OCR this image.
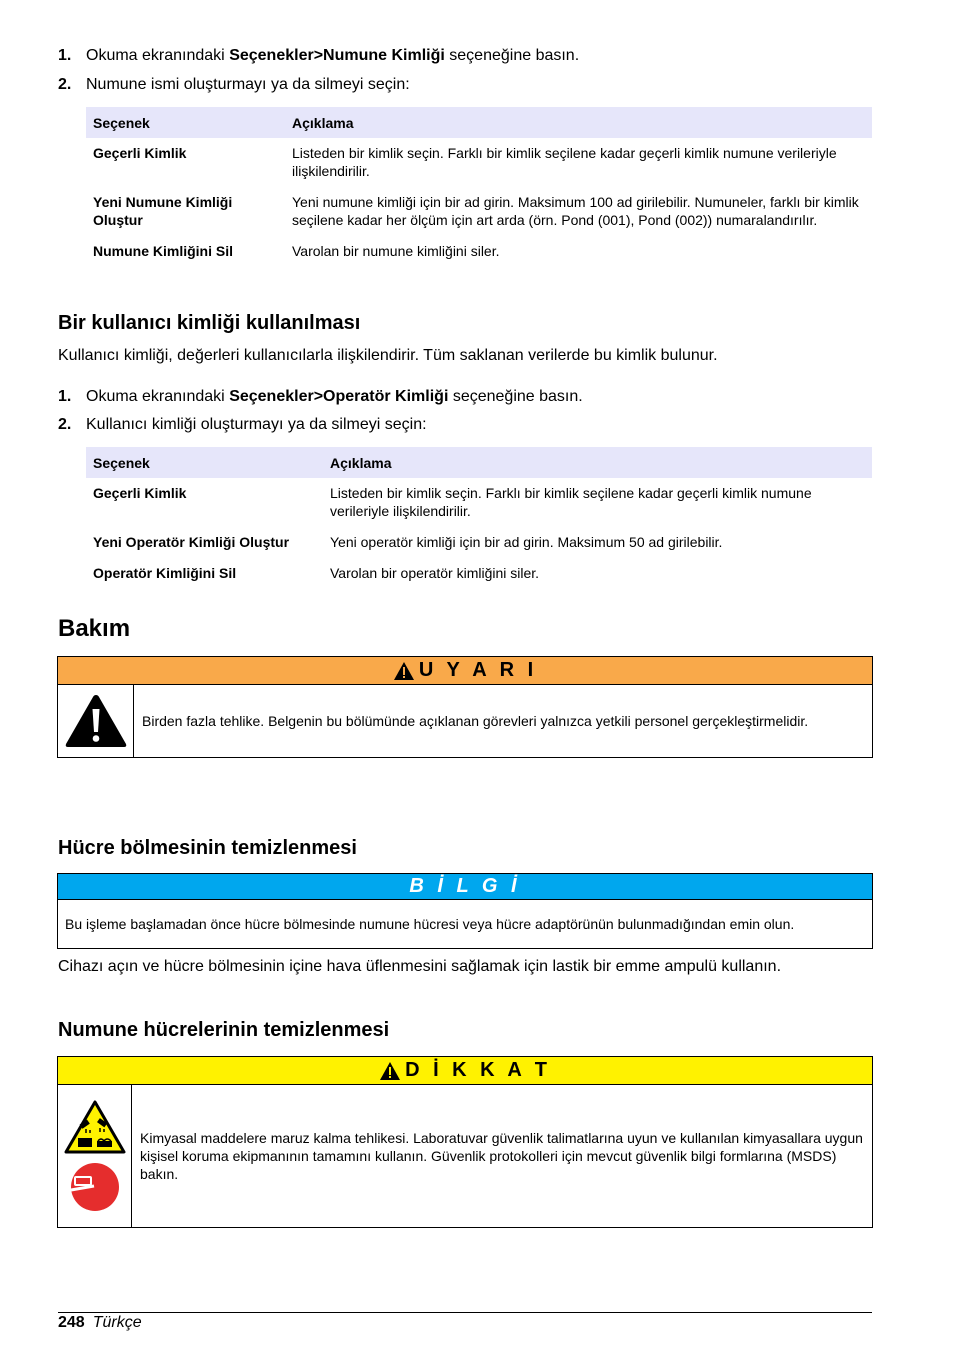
1. Okuma ekranındaki Seçenekler>Numune Kimliği seçeneğine basın.
2. Numune ismi oluşturmayı ya da silmeyi seçin:
Seçenek	Açıklama
Geçerli Kimlik	Listeden bir kimlik seçin. Farklı bir kimlik seçilene kadar geçerli kimlik numune verileriyle ilişkilendirilir.
Yeni Numune Kimliği Oluştur	Yeni numune kimliği için bir ad girin. Maksimum 100 ad girilebilir. Numuneler, farklı bir kimlik seçilene kadar her ölçüm için art arda (örn. Pond (001), Pond (002)) numaralandırılır.
Numune Kimliğini Sil	Varolan bir numune kimliğini siler.
Bir kullanıcı kimliği kullanılması

Kullanıcı kimliği, değerleri kullanıcılarla ilişkilendirir. Tüm saklanan verilerde bu kimlik bulunur.

1. Okuma ekranındaki Seçenekler>Operatör Kimliği seçeneğine basın.
2. Kullanıcı kimliği oluşturmayı ya da silmeyi seçin:
Seçenek	Açıklama
Geçerli Kimlik	Listeden bir kimlik seçin. Farklı bir kimlik seçilene kadar geçerli kimlik numune verileriyle ilişkilendirilir.
Yeni Operatör Kimliği Oluştur	Yeni operatör kimliği için bir ad girin. Maksimum 50 ad girilebilir.
Operatör Kimliğini Sil	Varolan bir operatör kimliğini siler.
Bakım
U Y A R I
Birden fazla tehlike. Belgenin bu bölümünde açıklanan görevleri yalnızca yetkili personel gerçekleştirmelidir.
Hücre bölmesinin temizlenmesi
B İ L G İ
Bu işleme başlamadan önce hücre bölmesinde numune hücresi veya hücre adaptörünün bulunmadığından emin olun.

Cihazı açın ve hücre bölmesinin içine hava üflenmesini sağlamak için lastik bir emme ampulü kullanın.

Numune hücrelerinin temizlenmesi
D İ K K A T
Kimyasal maddelere maruz kalma tehlikesi. Laboratuvar güvenlik talimatlarına uyun ve kullanılan kimyasallara uygun kişisel koruma ekipmanının tamamını kullanın. Güvenlik protokolleri için mevcut güvenlik bilgi formlarına (MSDS) bakın.
248 Türkçe
